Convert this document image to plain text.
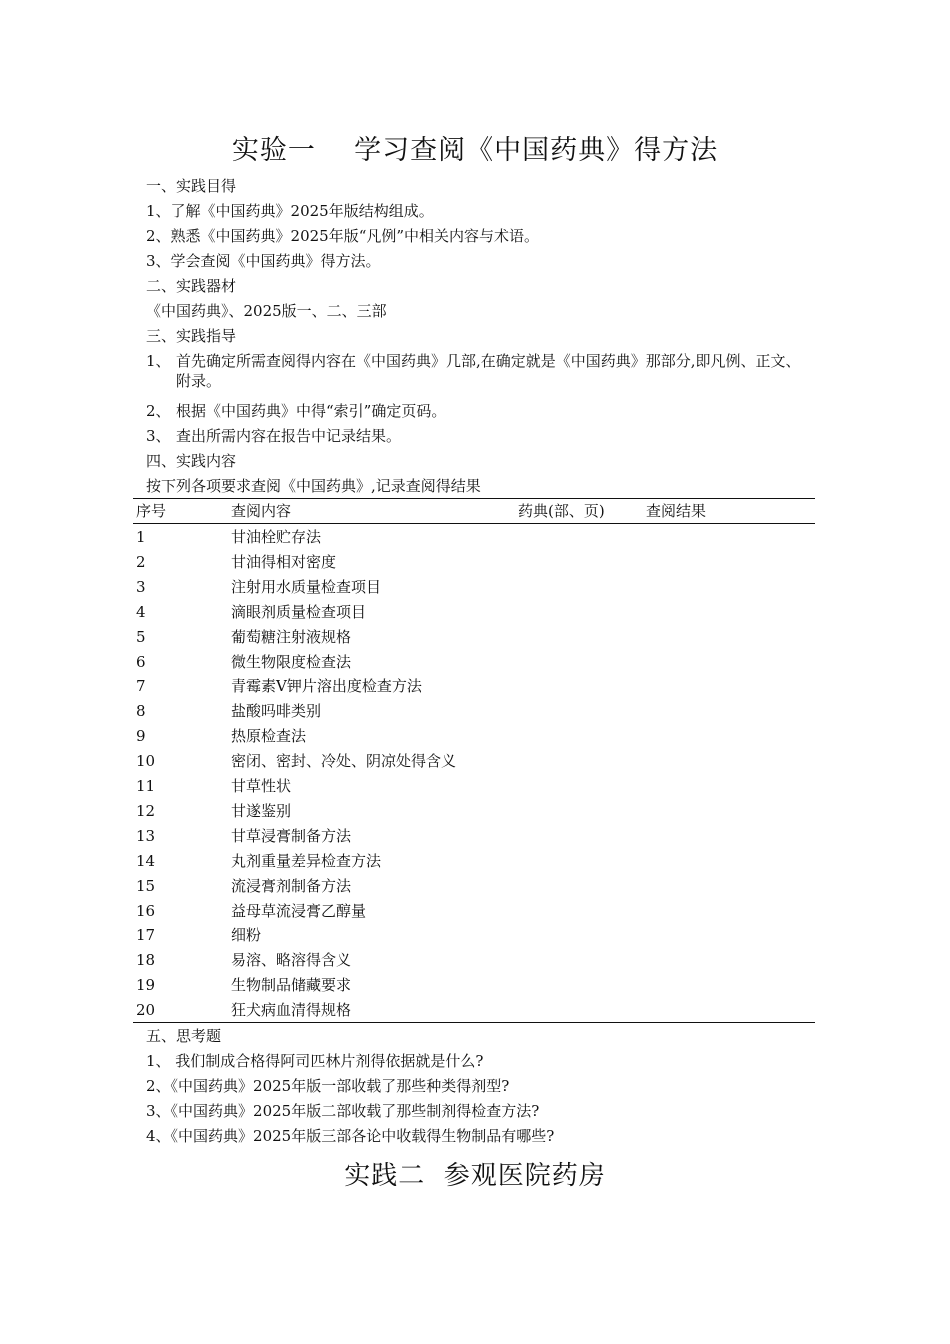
实验一    学习查阅《中国药典》得方法
一、实践目得
1、了解《中国药典》2025年版结构组成。
2、熟悉《中国药典》2025年版“凡例”中相关内容与术语。
3、学会查阅《中国药典》得方法。
二、实践器材
《中国药典》、2025版一、二、三部
三、实践指导
1、 首先确定所需查阅得内容在《中国药典》几部,在确定就是《中国药典》那部分,即凡例、正文、附录。
2、 根据《中国药典》中得“索引”确定页码。
3、 查出所需内容在报告中记录结果。
四、实践内容
按下列各项要求查阅《中国药典》,记录查阅得结果
序号	查阅内容	药典(部、页)	查阅结果
1	甘油栓贮存法
2	甘油得相对密度
3	注射用水质量检查项目
4	滴眼剂质量检查项目
5	葡萄糖注射液规格
6	微生物限度检查法
7	青霉素V钾片溶出度检查方法
8	盐酸吗啡类别
9	热原检查法
10	密闭、密封、冷处、阴凉处得含义
11	甘草性状
12	甘遂鉴别
13	甘草浸膏制备方法
14	丸剂重量差异检查方法
15	流浸膏剂制备方法
16	益母草流浸膏乙醇量
17	细粉
18	易溶、略溶得含义
19	生物制品储藏要求
20	狂犬病血清得规格
五、思考题
1、 我们制成合格得阿司匹林片剂得依据就是什么?
2、《中国药典》2025年版一部收载了那些种类得剂型?
3、《中国药典》2025年版二部收载了那些制剂得检查方法?
4、《中国药典》2025年版三部各论中收载得生物制品有哪些?
实践二  参观医院药房
